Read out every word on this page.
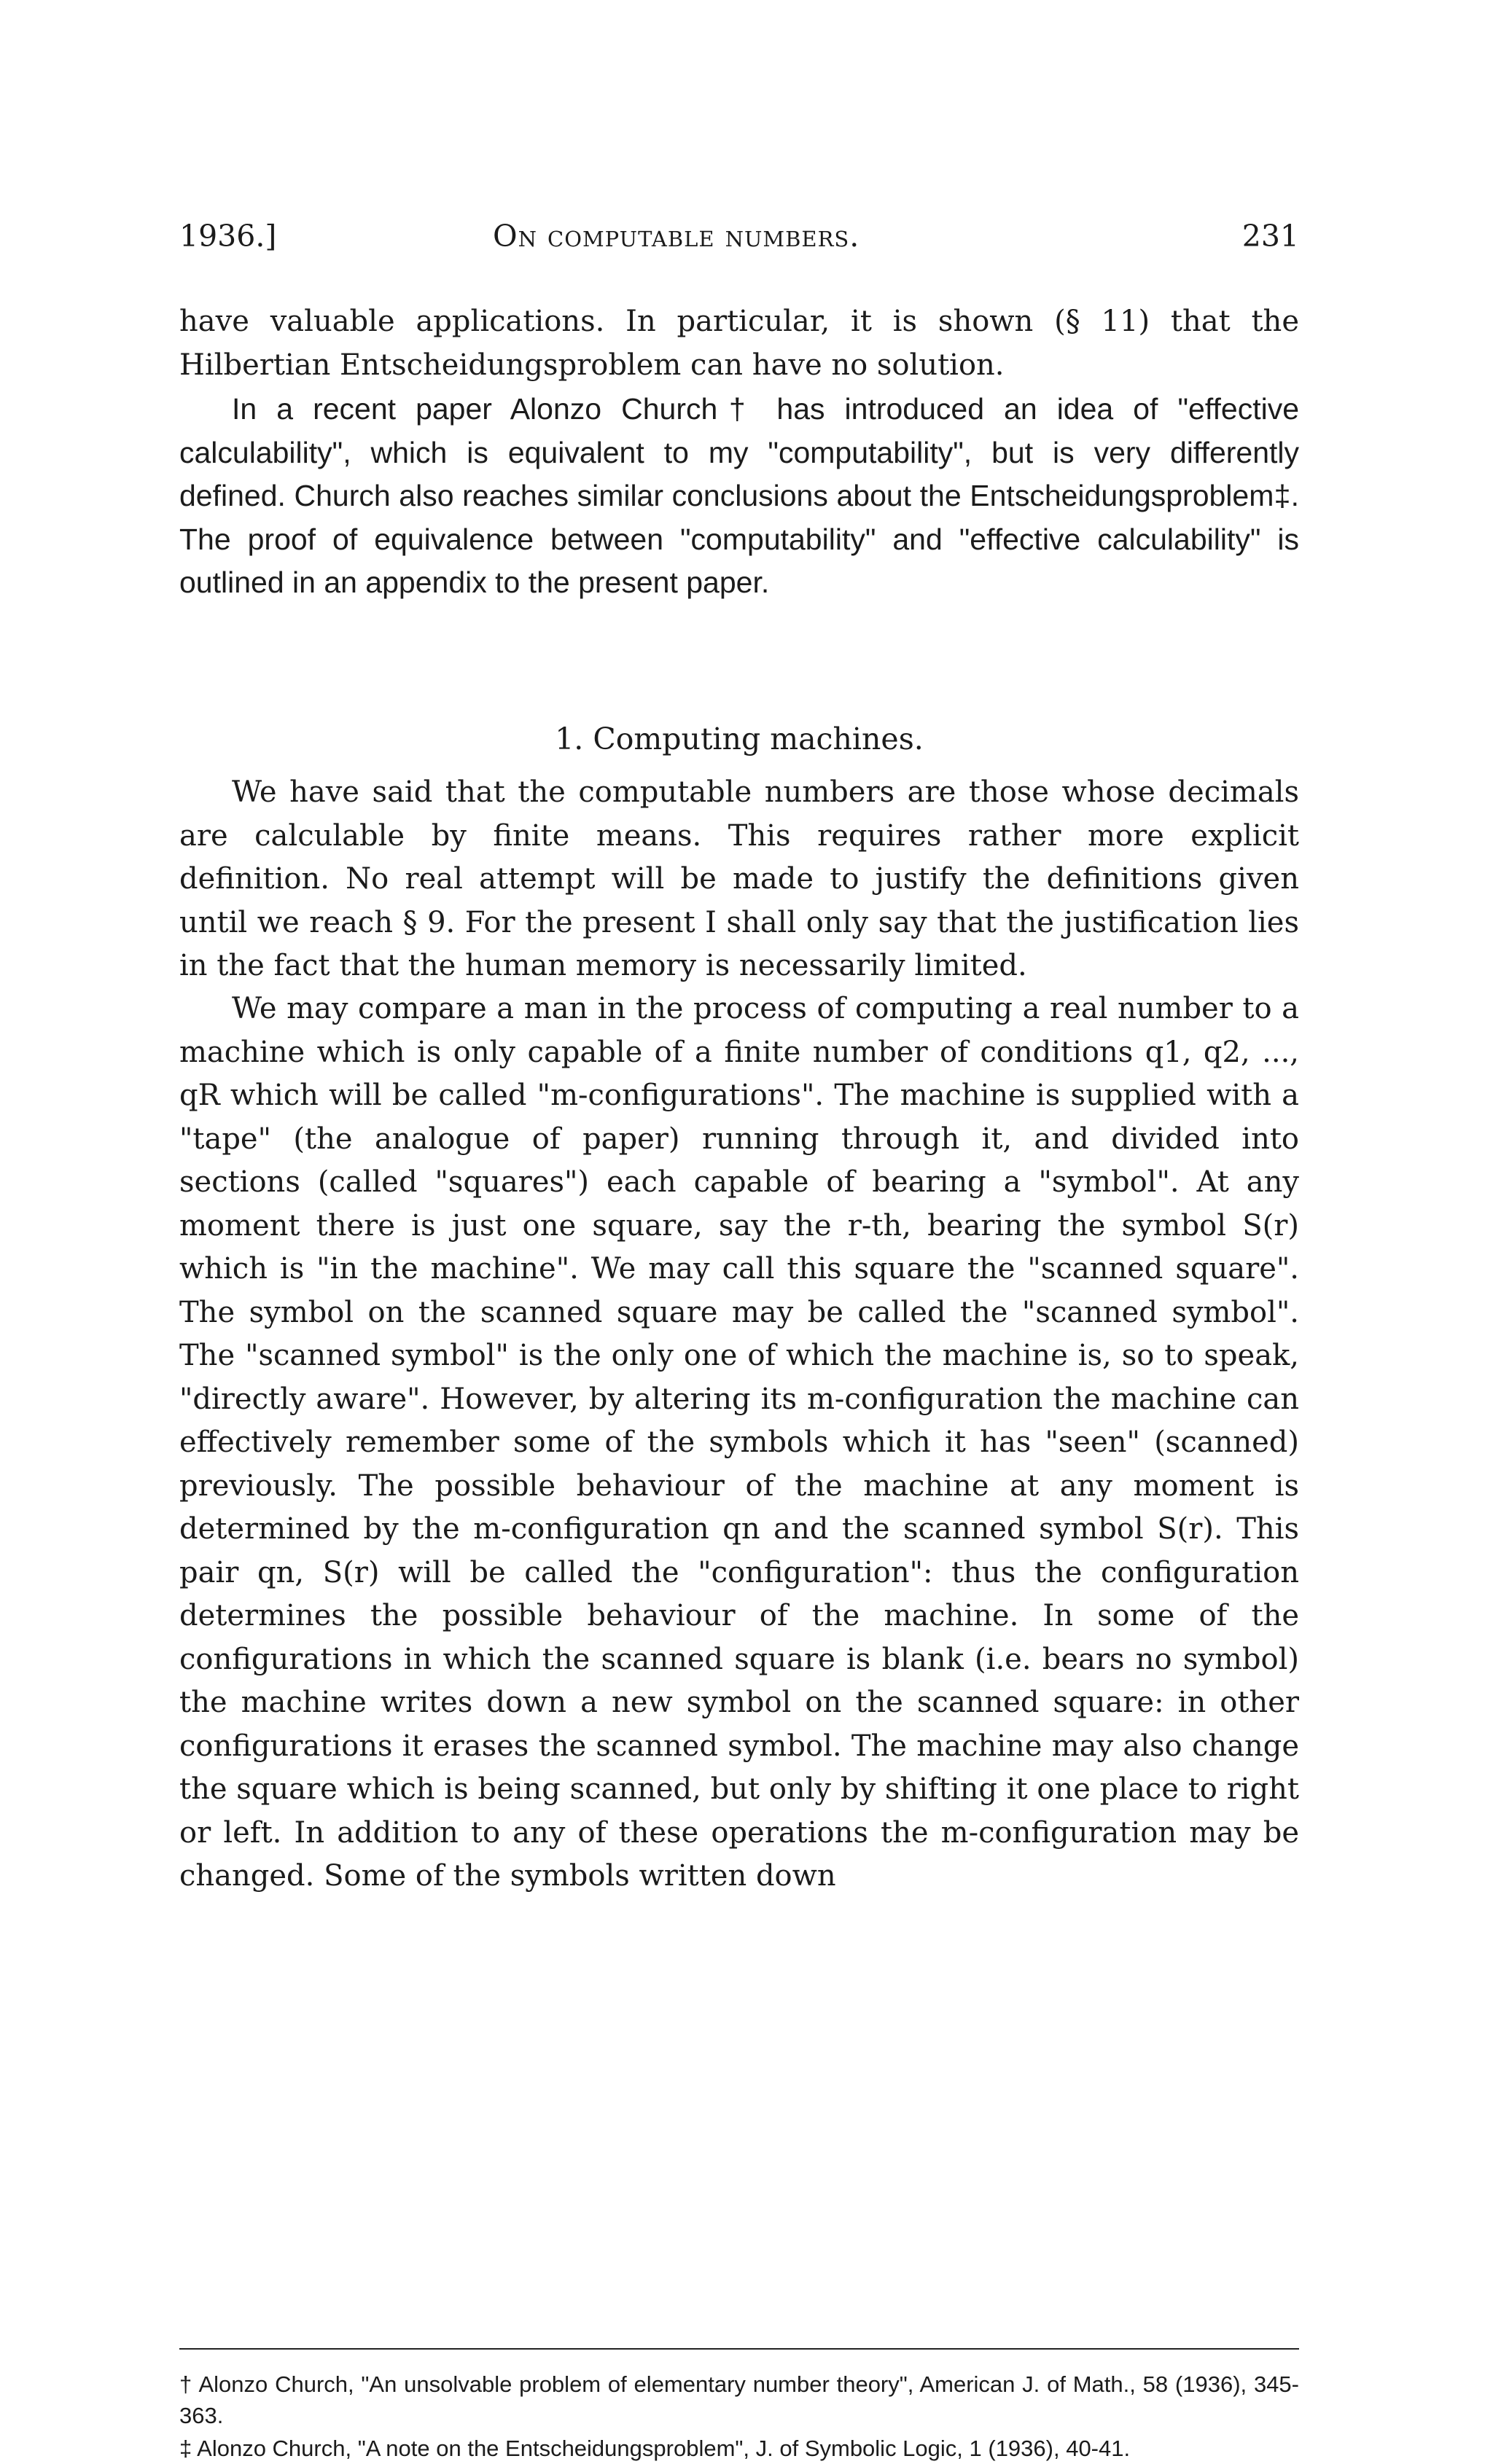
1936.]	On computable numbers.	231

have valuable applications. In particular, it is shown (§ 11) that the Hilbertian Entscheidungsproblem can have no solution.

In a recent paper Alonzo Church† has introduced an idea of "effective calculability", which is equivalent to my "computability", but is very differently defined. Church also reaches similar conclusions about the Entscheidungsproblem‡. The proof of equivalence between "computability" and "effective calculability" is outlined in an appendix to the present paper.

1. Computing machines.

We have said that the computable numbers are those whose decimals are calculable by finite means. This requires rather more explicit definition. No real attempt will be made to justify the definitions given until we reach § 9. For the present I shall only say that the justification lies in the fact that the human memory is necessarily limited.

We may compare a man in the process of computing a real number to a machine which is only capable of a finite number of conditions q1, q2, ..., qR which will be called "m-configurations". The machine is supplied with a "tape" (the analogue of paper) running through it, and divided into sections (called "squares") each capable of bearing a "symbol". At any moment there is just one square, say the r-th, bearing the symbol S(r) which is "in the machine". We may call this square the "scanned square". The symbol on the scanned square may be called the "scanned symbol". The "scanned symbol" is the only one of which the machine is, so to speak, "directly aware". However, by altering its m-configuration the machine can effectively remember some of the symbols which it has "seen" (scanned) previously. The possible behaviour of the machine at any moment is determined by the m-configuration qn and the scanned symbol S(r). This pair qn, S(r) will be called the "configuration": thus the configuration determines the possible behaviour of the machine. In some of the configurations in which the scanned square is blank (i.e. bears no symbol) the machine writes down a new symbol on the scanned square: in other configurations it erases the scanned symbol. The machine may also change the square which is being scanned, but only by shifting it one place to right or left. In addition to any of these operations the m-configuration may be changed. Some of the symbols written down

† Alonzo Church, "An unsolvable problem of elementary number theory", American J. of Math., 58 (1936), 345-363.

‡ Alonzo Church, "A note on the Entscheidungsproblem", J. of Symbolic Logic, 1 (1936), 40-41.
